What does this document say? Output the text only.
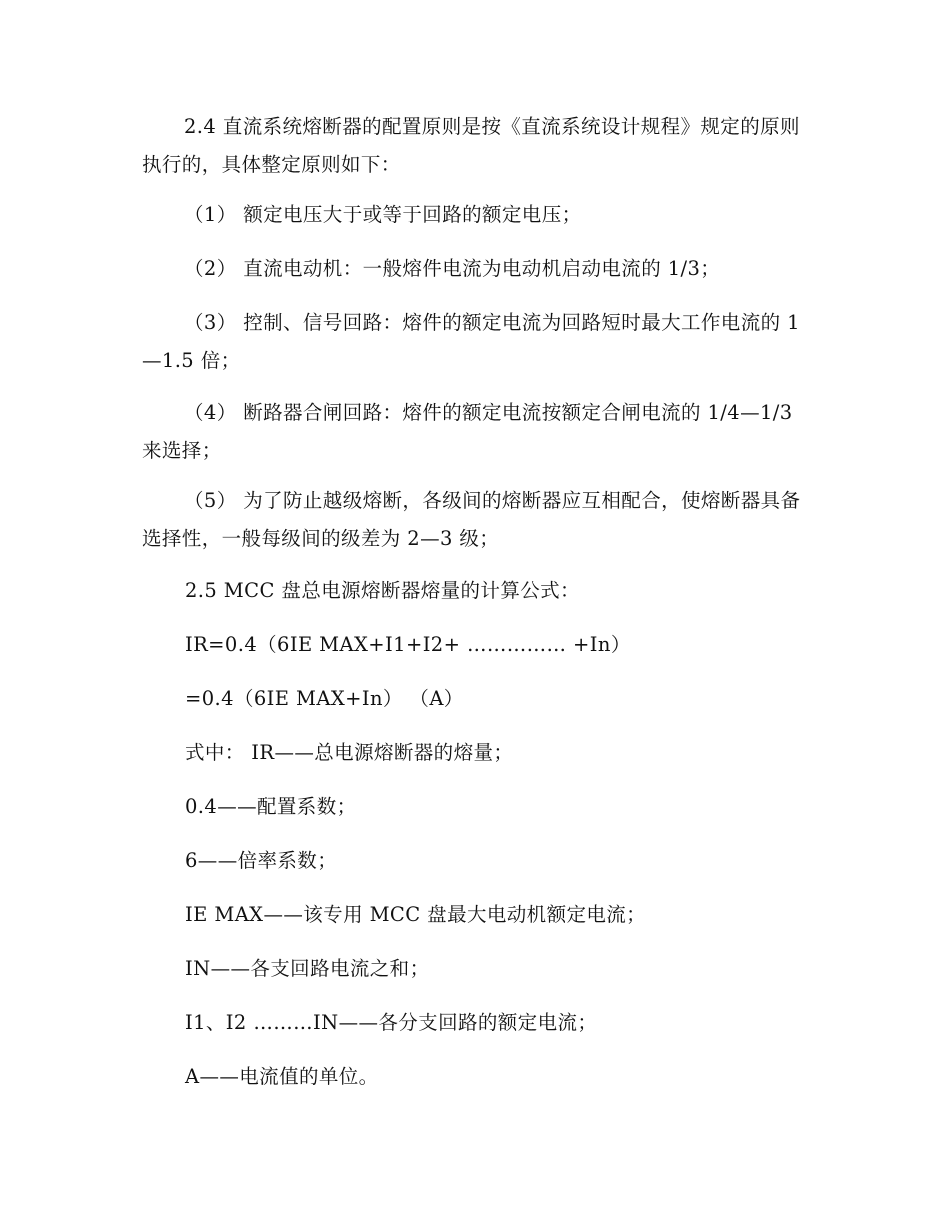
2.4 直流系统熔断器的配置原则是按《直流系统设计规程》规定的原则执行的，具体整定原则如下：

（1） 额定电压大于或等于回路的额定电压；

（2） 直流电动机：一般熔件电流为电动机启动电流的 1/3；

（3） 控制、信号回路：熔件的额定电流为回路短时最大工作电流的 1—1.5 倍；

（4） 断路器合闸回路：熔件的额定电流按额定合闸电流的 1/4—1/3 来选择；

（5） 为了防止越级熔断，各级间的熔断器应互相配合，使熔断器具备选择性，一般每级间的级差为 2—3 级；

2.5 MCC 盘总电源熔断器熔量的计算公式：

IR=0.4（6IE MAX+I1+I2+ …………… +In）

=0.4（6IE MAX+In） （A）

式中： IR——总电源熔断器的熔量；

0.4——配置系数；

6——倍率系数；

IE MAX——该专用 MCC 盘最大电动机额定电流；

IN——各支回路电流之和；

I1、I2 ………IN——各分支回路的额定电流；

A——电流值的单位。
